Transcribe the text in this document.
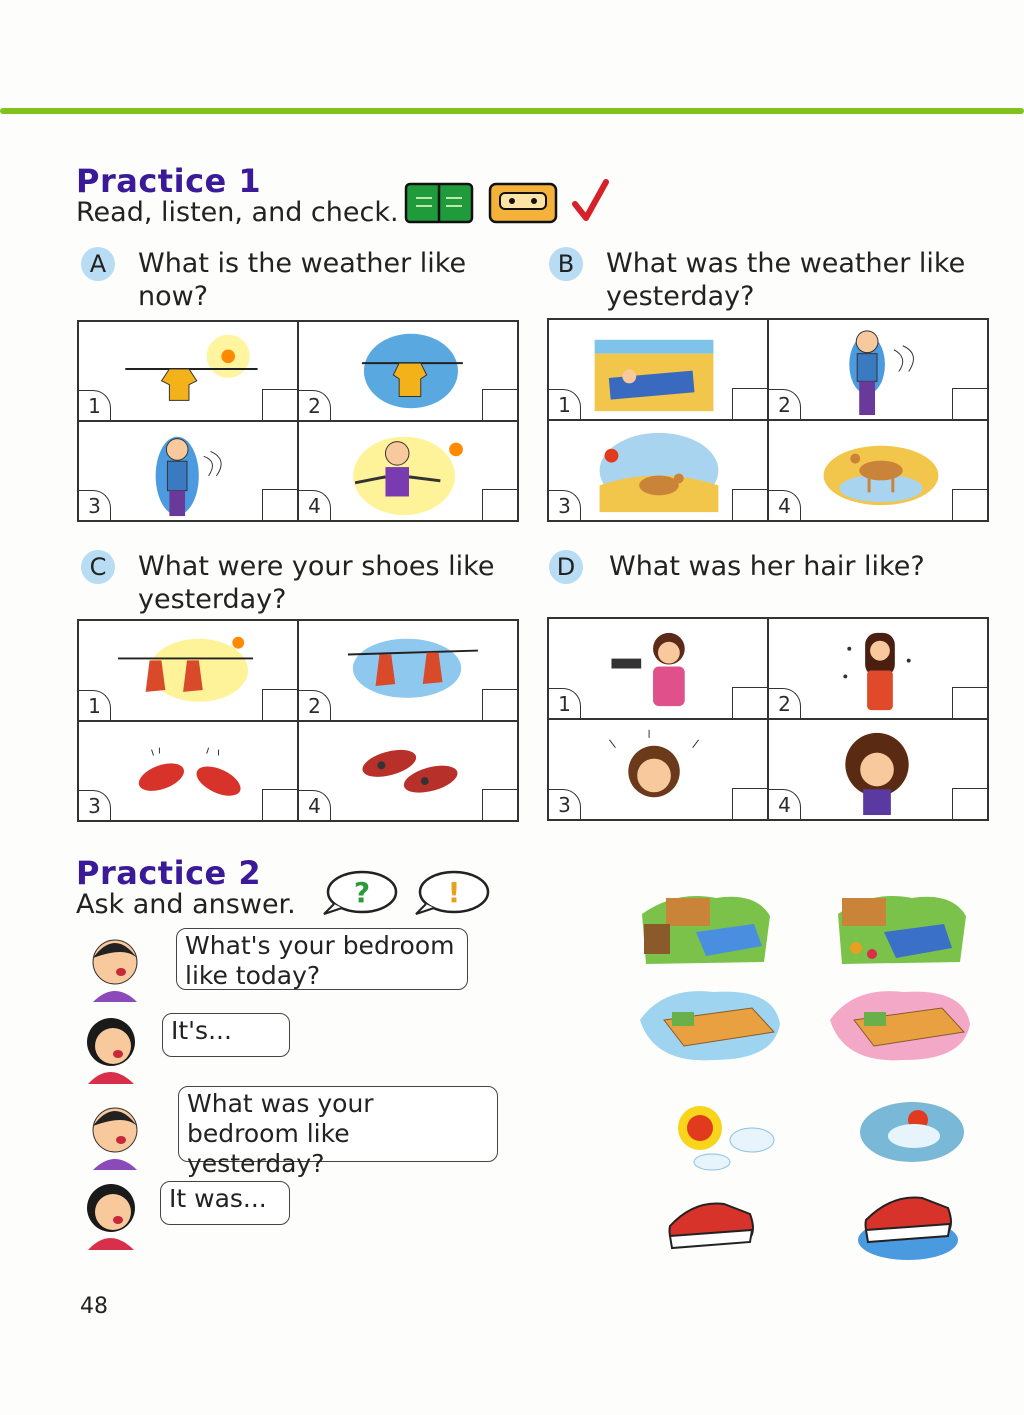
Practice 1
Read, listen, and check.
A	What is the weather like now?
1	2
3	4
B	What was the weather like yesterday?
1	2
3	4
C	What were your shoes like yesterday?
1	2
3	4
D What was her hair like?
1	2
3	4
Practice 2
Ask and answer. ?	!
What's your bedroom like today?
It's...
What was your bedroom like yesterday?
It was...
48
